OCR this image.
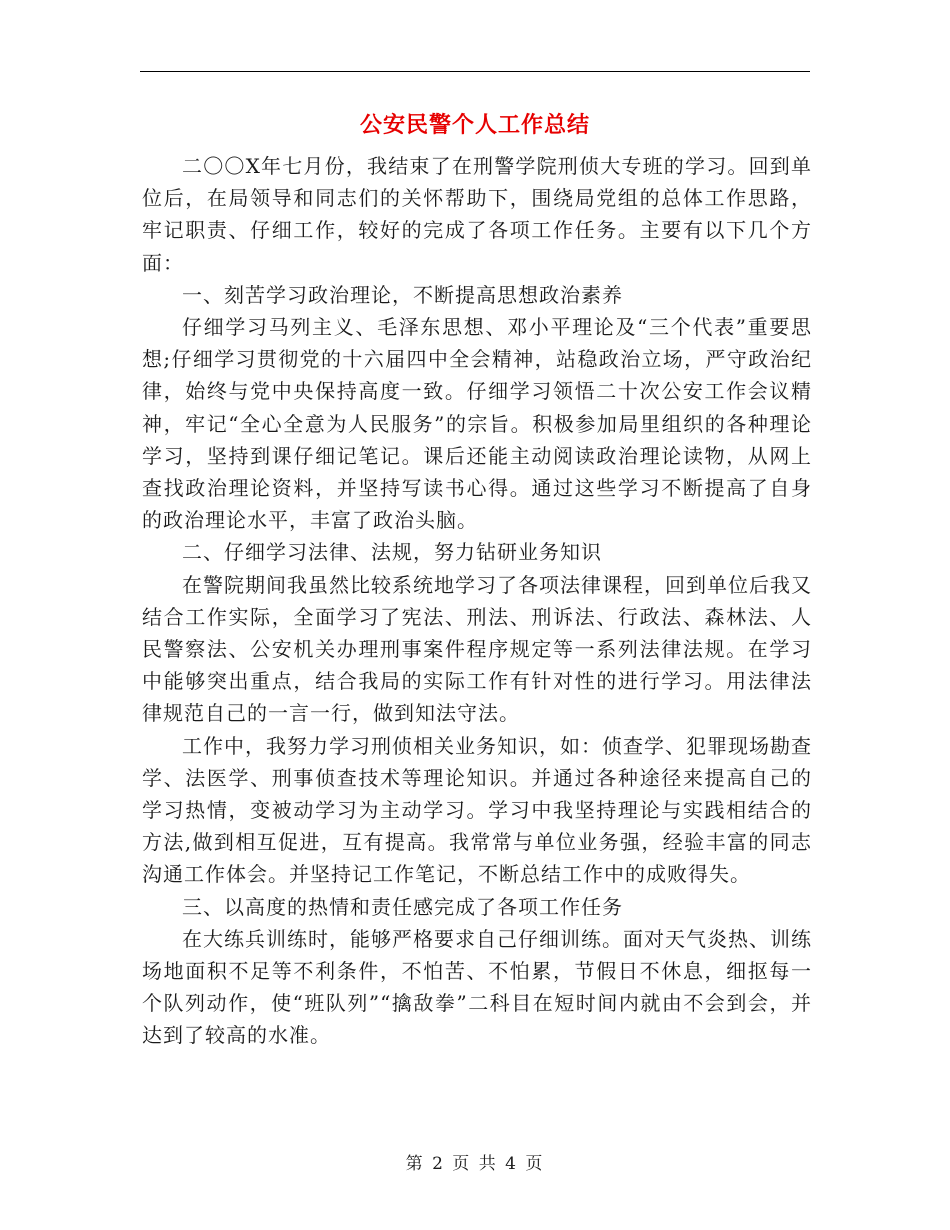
公安民警个人工作总结

二〇〇X年七月份，我结束了在刑警学院刑侦大专班的学习。回到单位后，在局领导和同志们的关怀帮助下，围绕局党组的总体工作思路，牢记职责、仔细工作，较好的完成了各项工作任务。主要有以下几个方面：

一、刻苦学习政治理论，不断提高思想政治素养

仔细学习马列主义、毛泽东思想、邓小平理论及“三个代表”重要思想;仔细学习贯彻党的十六届四中全会精神，站稳政治立场，严守政治纪律，始终与党中央保持高度一致。仔细学习领悟二十次公安工作会议精神，牢记“全心全意为人民服务”的宗旨。积极参加局里组织的各种理论学习，坚持到课仔细记笔记。课后还能主动阅读政治理论读物，从网上查找政治理论资料，并坚持写读书心得。通过这些学习不断提高了自身的政治理论水平，丰富了政治头脑。

二、仔细学习法律、法规，努力钻研业务知识

在警院期间我虽然比较系统地学习了各项法律课程，回到单位后我又结合工作实际，全面学习了宪法、刑法、刑诉法、行政法、森林法、人民警察法、公安机关办理刑事案件程序规定等一系列法律法规。在学习中能够突出重点，结合我局的实际工作有针对性的进行学习。用法律法律规范自己的一言一行，做到知法守法。

工作中，我努力学习刑侦相关业务知识，如：侦查学、犯罪现场勘查学、法医学、刑事侦查技术等理论知识。并通过各种途径来提高自己的学习热情，变被动学习为主动学习。学习中我坚持理论与实践相结合的方法,做到相互促进，互有提高。我常常与单位业务强，经验丰富的同志沟通工作体会。并坚持记工作笔记，不断总结工作中的成败得失。

三、以高度的热情和责任感完成了各项工作任务

在大练兵训练时，能够严格要求自己仔细训练。面对天气炎热、训练场地面积不足等不利条件，不怕苦、不怕累，节假日不休息，细抠每一个队列动作，使“班队列”“擒敌拳”二科目在短时间内就由不会到会，并达到了较高的水准。

第 2 页 共 4 页
